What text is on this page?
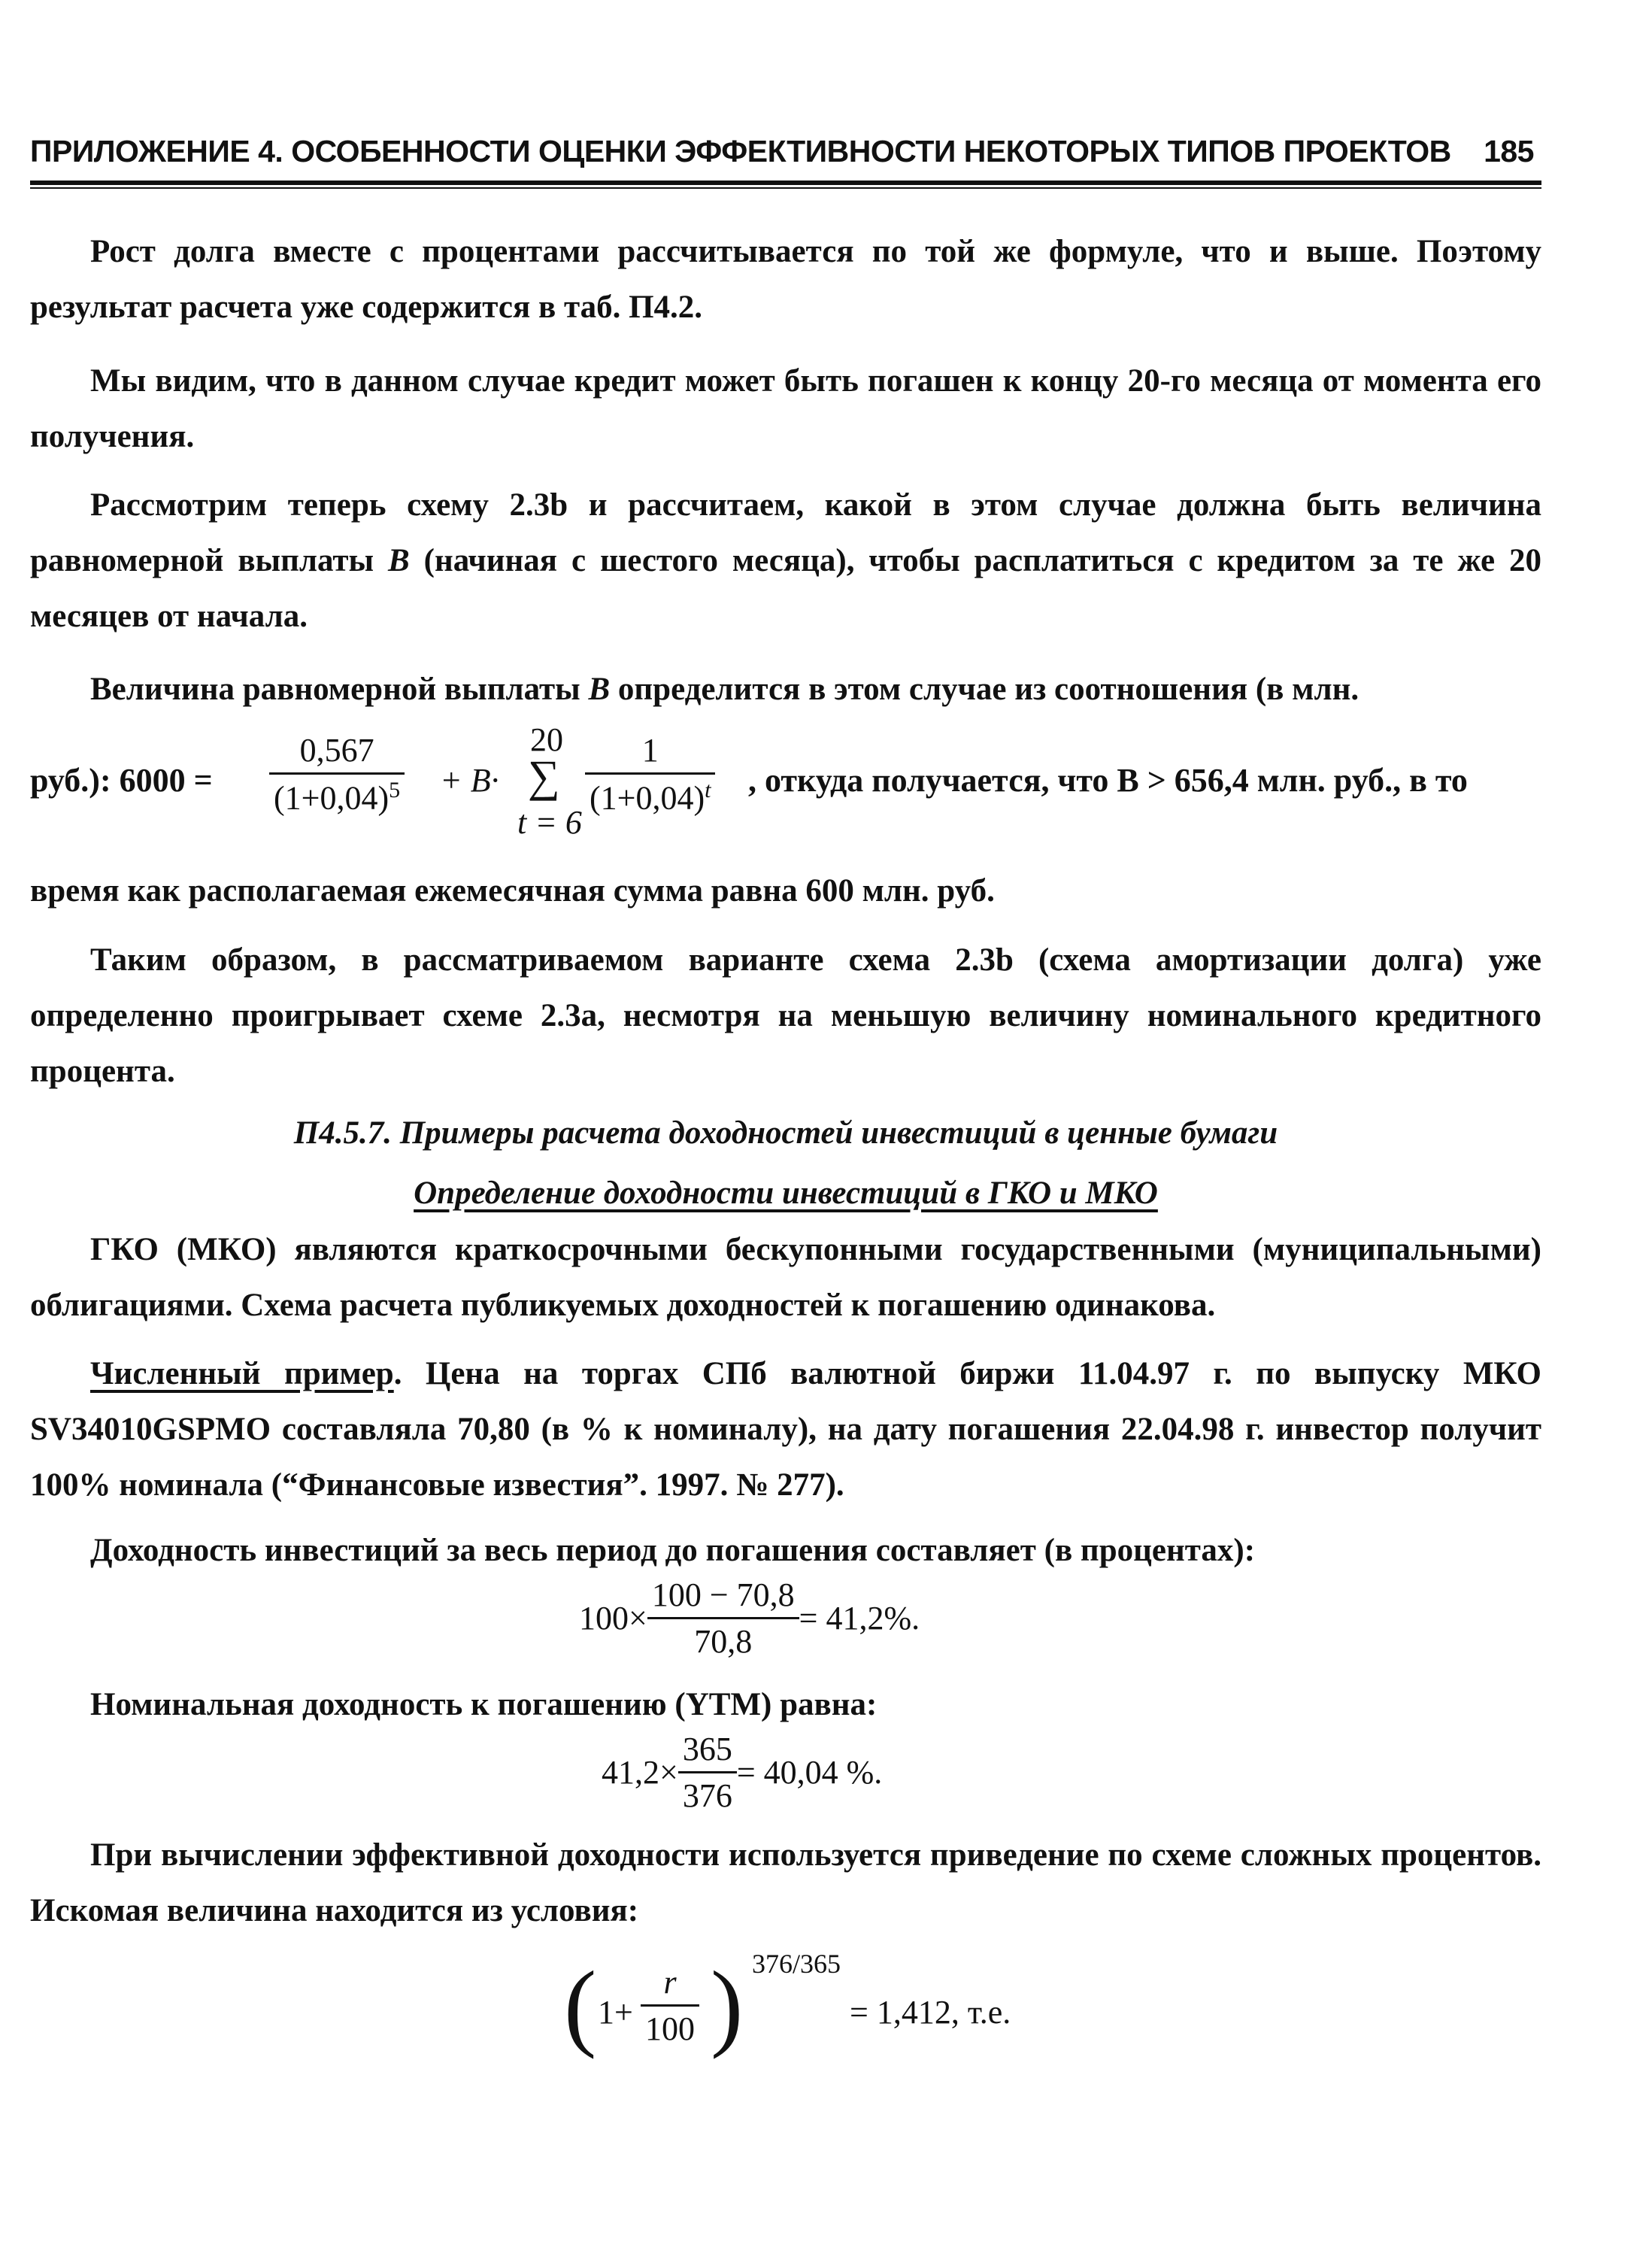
ПРИЛОЖЕНИЕ 4. ОСОБЕННОСТИ ОЦЕНКИ ЭФФЕКТИВНОСТИ НЕКОТОРЫХ ТИПОВ ПРОЕКТОВ 185

Рост долга вместе с процентами рассчитывается по той же формуле, что и выше. Поэтому результат расчета уже содержится в таб. П4.2.

Мы видим, что в данном случае кредит может быть погашен к концу 20-го месяца от момента его получения.

Рассмотрим теперь схему 2.3b и рассчитаем, какой в этом случае должна быть величина равномерной выплаты B (начиная с шестого месяца), чтобы расплатиться с кредитом за те же 20 месяцев от начала.

Величина равномерной выплаты B определится в этом случае из соотношения (в млн.
руб.): $6000 = \frac{0,567}{(1+0,04)^5} + B\cdot$
20
∑
t = 6
$\frac{1}{(1+0,04)^t}$ , откуда получается, что B > 656,4 млн. руб., в то
время как располагаемая ежемесячная сумма равна 600 млн. руб.

Таким образом, в рассматриваемом варианте схема 2.3b (схема амортизации долга) уже определенно проигрывает схеме 2.3a, несмотря на меньшую величину номинального кредитного процента.

П4.5.7. Примеры расчета доходностей инвестиций в ценные бумаги
Определение доходности инвестиций в ГКО и МКО

ГКО (МКО) являются краткосрочными бескупонными государственными (муниципальными) облигациями. Схема расчета публикуемых доходностей к погашению одинакова.

Численный пример. Цена на торгах СПб валютной биржи 11.04.97 г. по выпуску МКО SV34010GSPMO составляла 70,80 (в % к номиналу), на дату погашения 22.04.98 г. инвестор получит 100% номинала (“Финансовые известия”. 1997. № 277).

Доходность инвестиций за весь период до погашения составляет (в процентах):
$100\times \frac{100 - 70,8}{70,8} = 41,2\%$.
Номинальная доходность к погашению (YTM) равна:
$41,2\times \frac{365}{376} = 40,04$ %.

При вычислении эффективной доходности используется приведение по схеме сложных процентов. Искомая величина находится из условия:

( $1+ \frac{r}{100}$ ) 376/365
= 1,412, т.е.
